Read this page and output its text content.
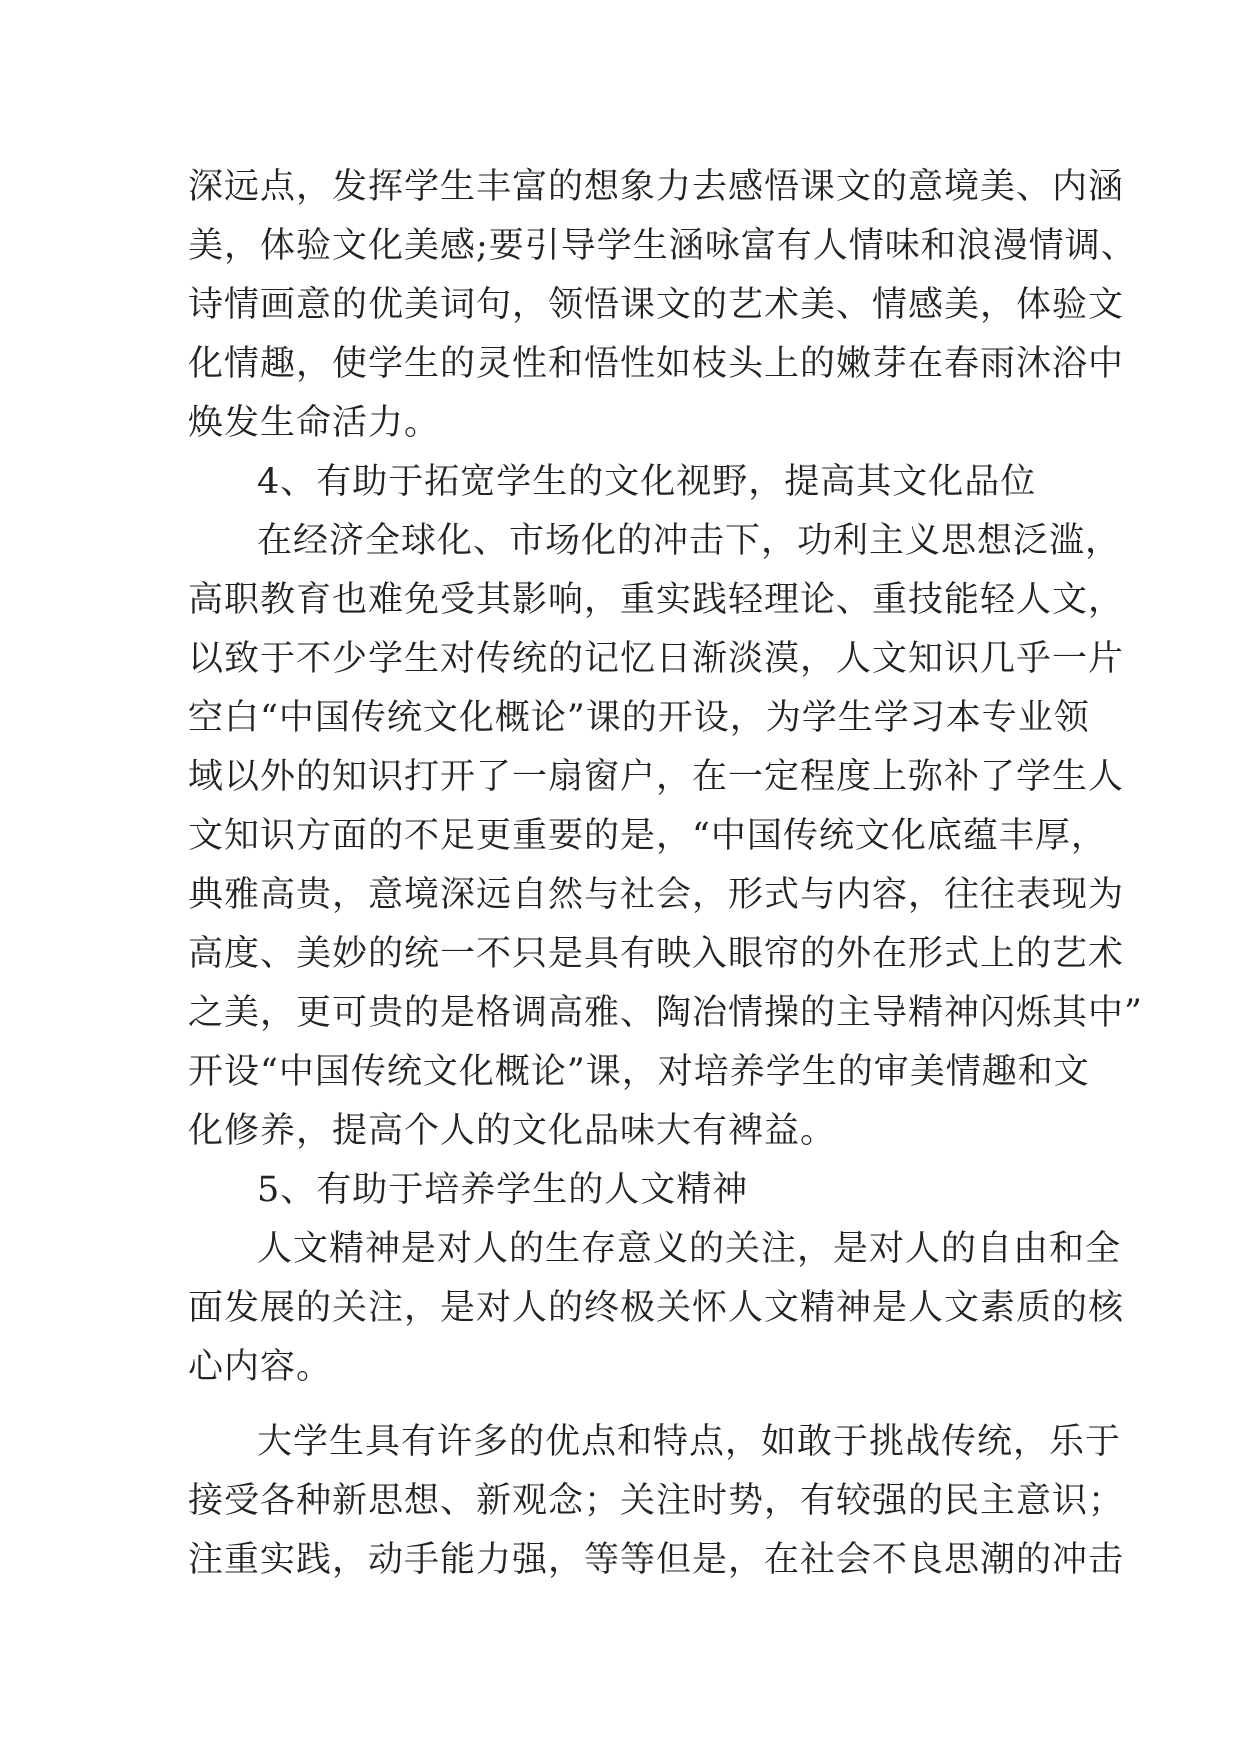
深远点，发挥学生丰富的想象力去感悟课文的意境美、内涵
美，体验文化美感;要引导学生涵咏富有人情味和浪漫情调、
诗情画意的优美词句，领悟课文的艺术美、情感美，体验文
化情趣，使学生的灵性和悟性如枝头上的嫩芽在春雨沐浴中
焕发生命活力。
4、有助于拓宽学生的文化视野，提高其文化品位
在经济全球化、市场化的冲击下，功利主义思想泛滥，
高职教育也难免受其影响，重实践轻理论、重技能轻人文，
以致于不少学生对传统的记忆日渐淡漠，人文知识几乎一片
空白“中国传统文化概论”课的开设，为学生学习本专业领
域以外的知识打开了一扇窗户，在一定程度上弥补了学生人
文知识方面的不足更重要的是，“中国传统文化底蕴丰厚，
典雅高贵，意境深远自然与社会，形式与内容，往往表现为
高度、美妙的统一不只是具有映入眼帘的外在形式上的艺术
之美，更可贵的是格调高雅、陶冶情操的主导精神闪烁其中”
开设“中国传统文化概论”课，对培养学生的审美情趣和文
化修养，提高个人的文化品味大有裨益。
5、有助于培养学生的人文精神
人文精神是对人的生存意义的关注，是对人的自由和全
面发展的关注，是对人的终极关怀人文精神是人文素质的核
心内容。
大学生具有许多的优点和特点，如敢于挑战传统，乐于
接受各种新思想、新观念；关注时势，有较强的民主意识；
注重实践，动手能力强，等等但是，在社会不良思潮的冲击
